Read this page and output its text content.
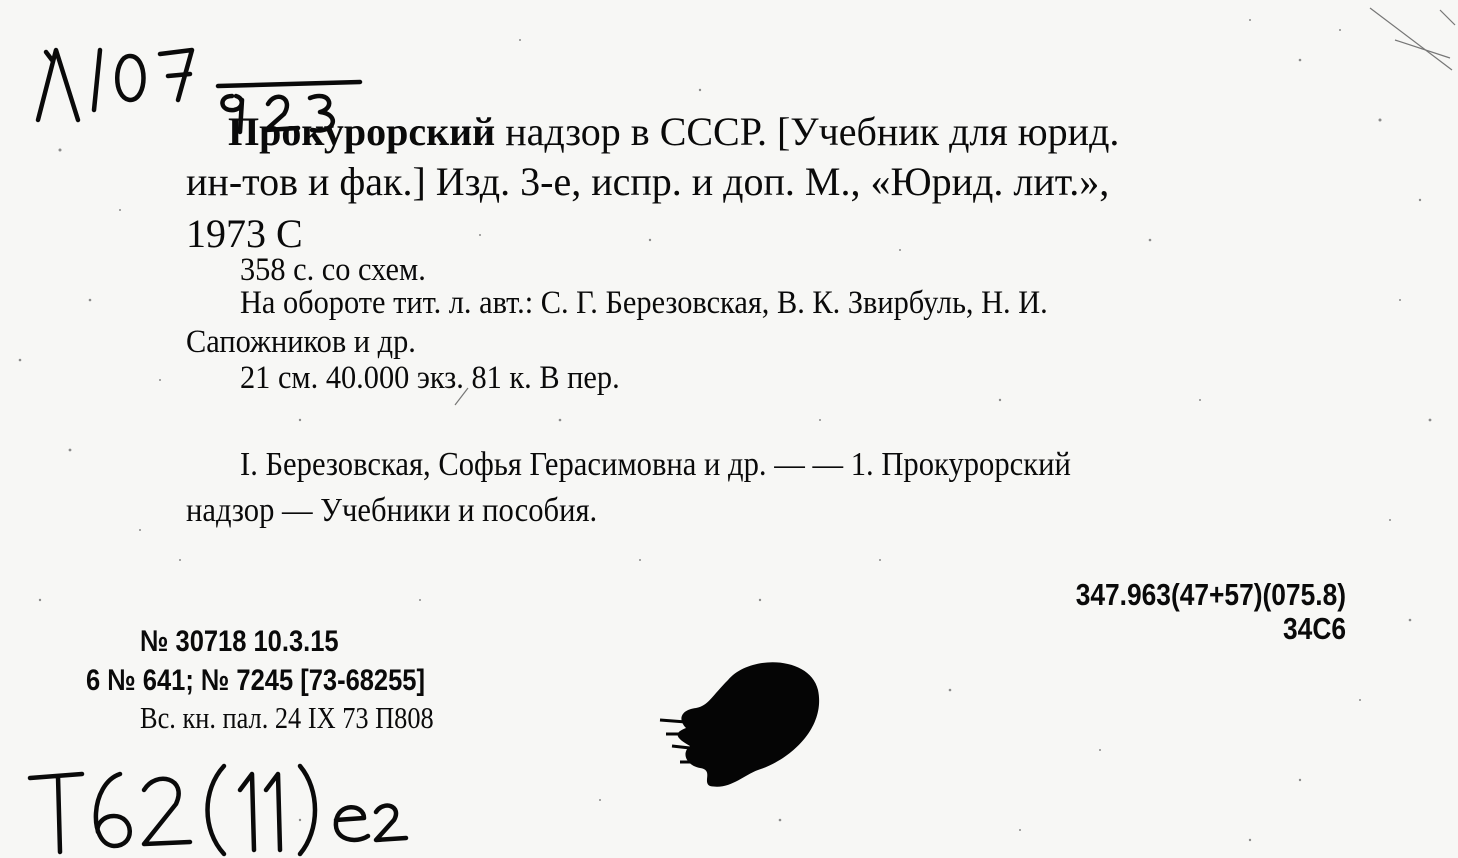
Прокурорский надзор в СССР. [Учебник для юрид.
ин-тов и фак.] Изд. 3-е, испр. и доп. М., «Юрид. лит.»,
1973 С
358 с. со схем.
На обороте тит. л. авт.: С. Г. Березовская, В. К. Звирбуль, Н. И.
Сапожников и др.
21 см. 40.000 экз. 81 к. В пер.
I. Березовская, Софья Герасимовна и др. — — 1. Прокурорский
надзор — Учебники и пособия.
347.963(47+57)(075.8)
34С6
№ 30718 10.3.15
6 № 641; № 7245 [73-68255]
Вс. кн. пал. 24 IX 73 П808
